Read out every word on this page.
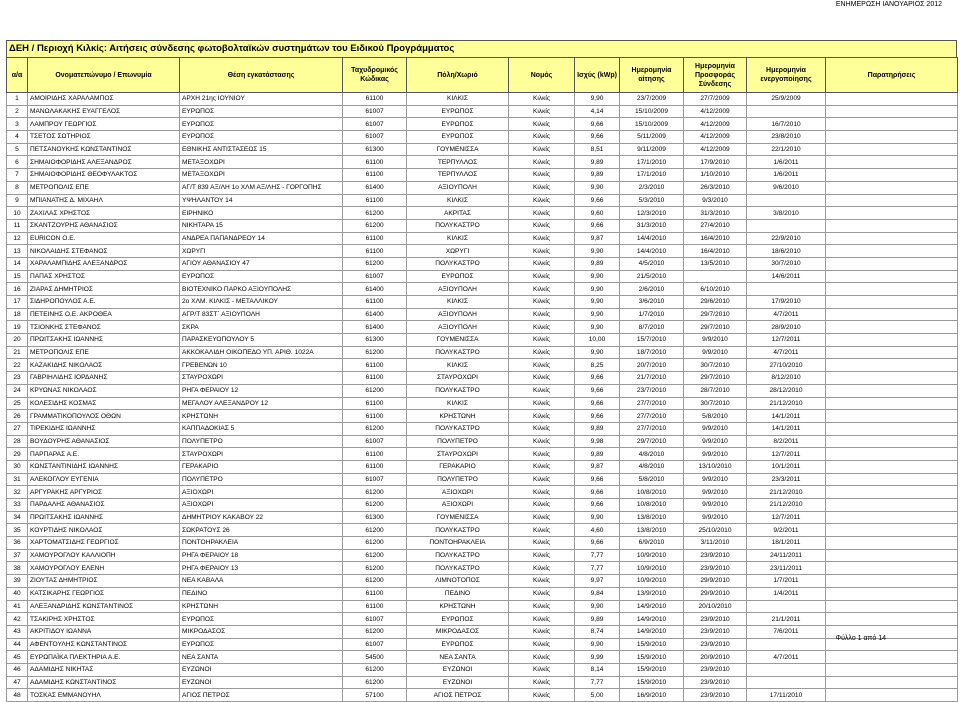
ΕΝΗΜΕΡΩΣΗ ΙΑΝΟΥΑΡΙΟΣ 2012
ΔΕΗ / Περιοχή Κιλκίς: Αιτήσεις σύνδεσης φωτοβολταϊκών συστημάτων του Ειδικού Προγράμματος
α/α	Ονοματεπώνυμο / Επωνυμία	Θέση εγκατάστασης	Ταχυδρομικός Κώδικας	Πόλη/Χωριό	Νομός	Ισχύς (kWp)	Ημερομηνία αίτησης	Ημερομηνία Προσφοράς Σύνδεσης	Ημερομηνία ενεργοποίησης	Παρατηρήσεις
1	ΑΜΟΙΡΙΔΗΣ ΧΑΡΑΛΑΜΠΟΣ	ΑΡΧΗ 21ης ΙΟΥΝΙΟΥ	61100	ΚΙΛΚΙΣ	Κιλκίς	9,90	23/7/2009	27/7/2009	25/9/2009	
2	ΜΑΝΩΛΑΚΑΚΗΣ ΕΥΑΓΓΕΛΟΣ	ΕΥΡΩΠΟΣ	61007	ΕΥΡΩΠΟΣ	Κιλκίς	4,14	15/10/2009	4/12/2009		
3	ΛΑΜΠΡΟΥ ΓΕΩΡΓΙΟΣ	ΕΥΡΩΠΟΣ	61007	ΕΥΡΩΠΟΣ	Κιλκίς	9,66	15/10/2009	4/12/2009	16/7/2010	
4	ΤΣΕΤΟΣ ΣΩΤΗΡΙΟΣ	ΕΥΡΩΠΟΣ	61007	ΕΥΡΩΠΟΣ	Κιλκίς	9,66	5/11/2009	4/12/2009	23/8/2010	
5	ΠΕΤΣΑΝΟΥΚΗΣ ΚΩΝΣΤΑΝΤΙΝΟΣ	ΕΘΝΙΚΗΣ ΑΝΤΙΣΤΑΣΕΩΣ 15	61300	ΓΟΥΜΕΝΙΣΣΑ	Κιλκίς	8,51	9/11/2009	4/12/2009	22/1/2010	
6	ΣΗΜΑΙΟΦΟΡΙΔΗΣ ΑΛΕΞΑΝΔΡΟΣ	ΜΕΤΑΞΟΧΩΡΙ	61100	ΤΕΡΠΥΛΛΟΣ	Κιλκίς	9,89	17/1/2010	17/9/2010	1/6/2011	
7	ΣΗΜΑΙΟΦΟΡΙΔΗΣ ΘΕΟΦΥΛΑΚΤΟΣ	ΜΕΤΑΞΟΧΩΡΙ	61100	ΤΕΡΠΥΛΛΟΣ	Κιλκίς	9,89	17/1/2010	1/10/2010	1/6/2011	
8	ΜΕΤΡΟΠΟΛΙΣ ΕΠΕ	ΑΓ/Τ 839 ΑΞ/ΛΗ 1ο ΧΛΜ ΑΞ/ΛΗΣ - ΓΟΡΓΟΠΗΣ	61400	ΑΞΙΟΥΠΟΛΗ	Κιλκίς	9,90	2/3/2010	26/3/2010	9/6/2010	
9	ΜΠΙΑΝΑΤΗΣ Δ. ΜΙΧΑΗΛ	ΥΨΗΛΑΝΤΟΥ 14	61100	ΚΙΛΚΙΣ	Κιλκίς	9,66	5/3/2010	9/3/2010		
10	ΖΑΧΙΛΑΣ ΧΡΗΣΤΟΣ	ΕΙΡΗΝΙΚΟ	61200	ΑΚΡΙΤΑΣ	Κιλκίς	9,60	12/3/2010	31/3/2010	3/8/2010	
11	ΣΚΑΝΤΖΟΥΡΗΣ ΑΘΑΝΑΣΙΟΣ	ΝΙΚΗΤΑΡΑ 15	61200	ΠΟΛΥΚΑΣΤΡΟ	Κιλκίς	9,66	31/3/2010	27/4/2010		
12	EURICON O.E.	ΑΝΔΡΕΑ ΠΑΠΑΝΔΡΕΟΥ 14	61100	ΚΙΛΚΙΣ	Κιλκίς	9,87	14/4/2010	16/4/2010	22/9/2010	
13	ΝΙΚΟΛΑΙΔΗΣ ΣΤΕΦΑΝΟΣ	ΧΩΡΥΓΙ	61100	ΧΩΡΥΓΙ	Κιλκίς	9,90	14/4/2010	16/4/2010	18/6/2010	
14	ΧΑΡΑΛΑΜΠΙΔΗΣ ΑΛΕΞΑΝΔΡΟΣ	ΑΓΙΟΥ ΑΘΑΝΑΣΙΟΥ 47	61200	ΠΟΛΥΚΑΣΤΡΟ	Κιλκίς	9,89	4/5/2010	13/5/2010	30/7/2010	
15	ΠΑΠΑΣ ΧΡΗΣΤΟΣ	ΕΥΡΩΠΟΣ	61007	ΕΥΡΩΠΟΣ	Κιλκίς	9,90	21/5/2010		14/6/2011	
16	ΖΙΑΡΑΣ ΔΗΜΗΤΡΙΟΣ	ΒΙΟΤΕΧΝΙΚΟ ΠΑΡΚΟ ΑΞΙΟΥΠΟΛΗΣ	61400	ΑΞΙΟΥΠΟΛΗ	Κιλκίς	9,90	2/6/2010	6/10/2010		
17	ΣΙΔΗΡΟΠΟΥΛΟΣ Α.Ε.	2ο ΧΛΜ. ΚΙΛΚΙΣ - ΜΕΤΑΛΛΙΚΟΥ	61100	ΚΙΛΚΙΣ	Κιλκίς	9,90	3/6/2010	29/6/2010	17/9/2010	
18	ΠΕΤΕΙΝΗΣ Ο.Ε. ΑΚΡΟΘΕΑ	ΑΓΡ/Τ 83ΣΤ΄ ΑΞΙΟΥΠΟΛΗ	61400	ΑΞΙΟΥΠΟΛΗ	Κιλκίς	9,90	1/7/2010	29/7/2010	4/7/2011	
19	ΤΣΙΟΝΚΗΣ ΣΤΕΦΑΝΟΣ	ΣΚΡΑ	61400	ΑΞΙΟΥΠΟΛΗ	Κιλκίς	9,90	8/7/2010	29/7/2010	28/9/2010	
20	ΠΡΩΙΤΣΑΚΗΣ ΙΩΑΝΝΗΣ	ΠΑΡΑΣΚΕΥΟΠΟΥΛΟΥ 5	61300	ΓΟΥΜΕΝΙΣΣΑ	Κιλκίς	10,00	15/7/2010	9/9/2010	12/7/2011	
21	ΜΕΤΡΟΠΟΛΙΣ ΕΠΕ	ΑΚΚΟΚΑΛΙΔΗ ΟΙΚΟΠΕΔΟ ΥΠ. ΑΡΙΘ. 1022Α	61200	ΠΟΛΥΚΑΣΤΡΟ	Κιλκίς	9,90	18/7/2010	9/9/2010	4/7/2011	
22	ΚΑΖΑΚΙΔΗΣ ΝΙΚΟΛΑΟΣ	ΓΡΕΒΕΝΩΝ 10	61100	ΚΙΛΚΙΣ	Κιλκίς	8,25	20/7/2010	30/7/2010	27/10/2010	
23	ΓΑΒΡΙΗΛΙΔΗΣ ΙΟΡΔΑΝΗΣ	ΣΤΑΥΡΟΧΩΡΙ	61100	ΣΤΑΥΡΟΧΩΡΙ	Κιλκίς	9,66	21/7/2010	29/7/2010	8/12/2010	
24	ΚΡΥΩΝΑΣ ΝΙΚΟΛΑΟΣ	ΡΗΓΑ ΦΕΡΑΙΟΥ 12	61200	ΠΟΛΥΚΑΣΤΡΟ	Κιλκίς	9,66	23/7/2010	28/7/2010	28/12/2010	
25	ΚΟΛΕΣΙΔΗΣ ΚΟΣΜΑΣ	ΜΕΓΑΛΟΥ ΑΛΕΞΑΝΔΡΟΥ 12	61100	ΚΙΛΚΙΣ	Κιλκίς	9,66	27/7/2010	30/7/2010	21/12/2010	
26	ΓΡΑΜΜΑΤΙΚΟΠΟΥΛΟΣ ΟΘΩΝ	ΚΡΗΣΤΩΝΗ	61100	ΚΡΗΣΤΩΝΗ	Κιλκίς	9,66	27/7/2010	5/8/2010	14/1/2011	
27	ΤΙΡΕΚΙΔΗΣ ΙΩΑΝΝΗΣ	ΚΑΠΠΑΔΟΚΙΑΣ 5	61200	ΠΟΛΥΚΑΣΤΡΟ	Κιλκίς	9,89	27/7/2010	9/9/2010	14/1/2011	
28	ΒΟΥΔΟΥΡΗΣ ΑΘΑΝΑΣΙΟΣ	ΠΟΛΥΠΕΤΡΟ	61007	ΠΟΛΥΠΕΤΡΟ	Κιλκίς	9,98	29/7/2010	9/9/2010	8/2/2011	
29	ΠΑΡΠΑΡΑΣ Α.Ε.	ΣΤΑΥΡΟΧΩΡΙ	61100	ΣΤΑΥΡΟΧΩΡΙ	Κιλκίς	9,89	4/8/2010	9/9/2010	12/7/2011	
30	ΚΩΝΣΤΑΝΤΙΝΙΔΗΣ ΙΩΑΝΝΗΣ	ΓΕΡΑΚΑΡΙΟ	61100	ΓΕΡΑΚΑΡΙΟ	Κιλκίς	9,87	4/8/2010	13/10/2010	10/1/2011	
31	ΑΛΕΚΟΓΛΟΥ ΕΥΓΕΝΙΑ	ΠΟΛΥΠΕΤΡΟ	61007	ΠΟΛΥΠΕΤΡΟ	Κιλκίς	9,66	5/8/2010	9/9/2010	23/3/2011	
32	ΑΡΓΥΡΑΚΗΣ ΑΡΓΥΡΙΟΣ	ΑΞΙΟΧΩΡΙ	61200	ΑΞΙΟΧΩΡΙ	Κιλκίς	9,66	10/8/2010	9/9/2010	21/12/2010	
33	ΠΑΡΔΑΛΗΣ ΑΘΑΝΑΣΙΟΣ	ΑΞΙΟΧΩΡΙ	61200	ΑΞΙΟΧΩΡΙ	Κιλκίς	9,66	10/8/2010	9/9/2010	21/12/2010	
34	ΠΡΩΙΤΣΑΚΗΣ ΙΩΑΝΝΗΣ	ΔΗΜΗΤΡΙΟΥ ΚΑΚΑΒΟΥ 22	61300	ΓΟΥΜΕΝΙΣΣΑ	Κιλκίς	9,90	13/8/2010	9/9/2010	12/7/2011	
35	ΚΟΥΡΤΙΔΗΣ ΝΙΚΟΛΑΟΣ	ΣΩΚΡΑΤΟΥΣ 26	61200	ΠΟΛΥΚΑΣΤΡΟ	Κιλκίς	4,60	13/8/2010	25/10/2010	9/2/2011	
36	ΧΑΡΤΟΜΑΤΣΙΔΗΣ ΓΕΩΡΓΙΟΣ	ΠΟΝΤΟΗΡΑΚΛΕΙΑ	61200	ΠΟΝΤΟΗΡΑΚΛΕΙΑ	Κιλκίς	9,66	6/9/2010	3/11/2010	18/1/2011	
37	ΧΑΜΟΥΡΟΓΛΟΥ ΚΑΛΛΙΟΠΗ	ΡΗΓΑ ΦΕΡΑΙΟΥ 18	61200	ΠΟΛΥΚΑΣΤΡΟ	Κιλκίς	7,77	10/9/2010	23/9/2010	24/11/2011	
38	ΧΑΜΟΥΡΟΓΛΟΥ ΕΛΕΝΗ	ΡΗΓΑ ΦΕΡΑΙΟΥ 13	61200	ΠΟΛΥΚΑΣΤΡΟ	Κιλκίς	7,77	10/9/2010	23/9/2010	23/11/2011	
39	ΖΙΟΥΤΑΣ ΔΗΜΗΤΡΙΟΣ	ΝΕΑ ΚΑΒΑΛΑ	61200	ΛΙΜΝΟΤΟΠΟΣ	Κιλκίς	9,97	10/9/2010	29/9/2010	1/7/2011	
40	ΚΑΤΣΙΚΑΡΗΣ ΓΕΩΡΓΙΟΣ	ΠΕΔΙΝΟ	61100	ΠΕΔΙΝΟ	Κιλκίς	9,84	13/9/2010	29/9/2010	1/4/2011	
41	ΑΛΕΞΑΝΔΡΙΔΗΣ ΚΩΝΣΤΑΝΤΙΝΟΣ	ΚΡΗΣΤΩΝΗ	61100	ΚΡΗΣΤΩΝΗ	Κιλκίς	9,90	14/9/2010	20/10/2010		
42	ΤΣΑΚΙΡΗΣ ΧΡΗΣΤΟΣ	ΕΥΡΩΠΟΣ	61007	ΕΥΡΩΠΟΣ	Κιλκίς	9,89	14/9/2010	23/9/2010	21/1/2011	
43	ΑΚΡΙΤΙΔΟΥ ΙΩΑΝΝΑ	ΜΙΚΡΟΔΑΣΟΣ	61200	ΜΙΚΡΟΔΑΣΟΣ	Κιλκίς	8,74	14/9/2010	23/9/2010	7/6/2011	
44	ΑΦΕΝΤΟΥΛΗΣ ΚΩΝΣΤΑΝΤΙΝΟΣ	ΕΥΡΩΠΟΣ	61007	ΕΥΡΩΠΟΣ	Κιλκίς	9,90	15/9/2010	23/9/2010		
45	ΕΥΡΩΠΑΪΚΑ ΠΛΕΚΤΗΡΙΑ Α.Ε.	ΝΕΑ ΣΑΝΤΑ	54500	ΝΕΑ ΣΑΝΤΑ	Κιλκίς	9,99	15/9/2010	20/9/2010	4/7/2011	
46	ΑΔΑΜΙΔΗΣ ΝΙΚΗΤΑΣ	ΕΥΖΩΝΟΙ	61200	ΕΥΖΩΝΟΙ	Κιλκίς	8,14	15/9/2010	23/9/2010		
47	ΑΔΑΜΙΔΗΣ ΚΩΝΣΤΑΝΤΙΝΟΣ	ΕΥΖΩΝΟΙ	61200	ΕΥΖΩΝΟΙ	Κιλκίς	7,77	15/9/2010	23/9/2010		
48	ΤΟΣΚΑΣ ΕΜΜΑΝΟΥΗΛ	ΑΓΙΟΣ ΠΕΤΡΟΣ	57100	ΑΓΙΟΣ ΠΕΤΡΟΣ	Κιλκίς	5,00	16/9/2010	23/9/2010	17/11/2010	
Φύλλο 1 από 14
